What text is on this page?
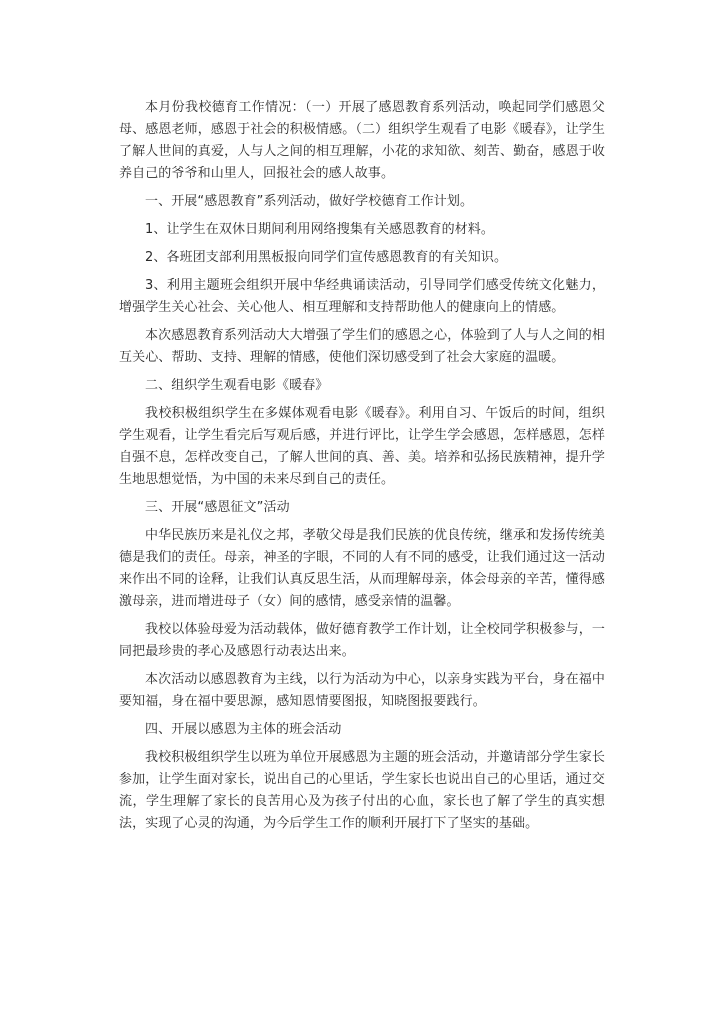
本月份我校德育工作情况：（一）开展了感恩教育系列活动，唤起同学们感恩父母、感恩老师，感恩于社会的积极情感。（二）组织学生观看了电影《暖春》，让学生了解人世间的真爱，人与人之间的相互理解，小花的求知欲、刻苦、勤奋，感恩于收养自己的爷爷和山里人，回报社会的感人故事。

一、开展“感恩教育”系列活动，做好学校德育工作计划。

1、让学生在双休日期间利用网络搜集有关感恩教育的材料。

2、各班团支部利用黑板报向同学们宣传感恩教育的有关知识。

3、利用主题班会组织开展中华经典诵读活动，引导同学们感受传统文化魅力，增强学生关心社会、关心他人、相互理解和支持帮助他人的健康向上的情感。

本次感恩教育系列活动大大增强了学生们的感恩之心，体验到了人与人之间的相互关心、帮助、支持、理解的情感，使他们深切感受到了社会大家庭的温暖。

二、组织学生观看电影《暖春》

我校积极组织学生在多媒体观看电影《暖春》。利用自习、午饭后的时间，组织学生观看，让学生看完后写观后感，并进行评比，让学生学会感恩，怎样感恩，怎样自强不息，怎样改变自己，了解人世间的真、善、美。培养和弘扬民族精神，提升学生地思想觉悟，为中国的未来尽到自己的责任。

三、开展“感恩征文”活动

中华民族历来是礼仪之邦，孝敬父母是我们民族的优良传统，继承和发扬传统美德是我们的责任。母亲，神圣的字眼，不同的人有不同的感受，让我们通过这一活动来作出不同的诠释，让我们认真反思生活，从而理解母亲，体会母亲的辛苦，懂得感激母亲，进而增进母子（女）间的感情，感受亲情的温馨。

我校以体验母爱为活动载体，做好德育教学工作计划，让全校同学积极参与，一同把最珍贵的孝心及感恩行动表达出来。

本次活动以感恩教育为主线，以行为活动为中心，以亲身实践为平台，身在福中要知福，身在福中要思源，感知恩情要图报，知晓图报要践行。

四、开展以感恩为主体的班会活动

我校积极组织学生以班为单位开展感恩为主题的班会活动，并邀请部分学生家长参加，让学生面对家长，说出自己的心里话，学生家长也说出自己的心里话，通过交流，学生理解了家长的良苦用心及为孩子付出的心血，家长也了解了学生的真实想法，实现了心灵的沟通，为今后学生工作的顺利开展打下了坚实的基础。
